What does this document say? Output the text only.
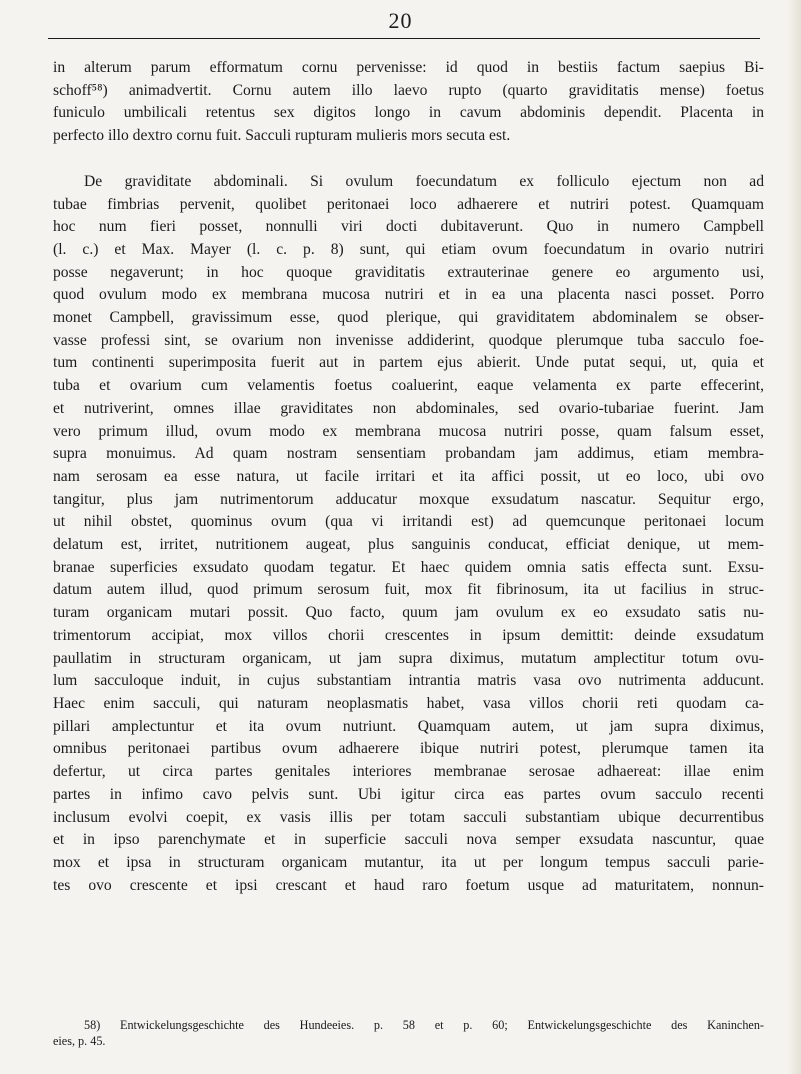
20
in alterum parum efformatum cornu pervenisse: id quod in bestiis factum saepius Bi-
schoff⁵⁸) animadvertit. Cornu autem illo laevo rupto (quarto graviditatis mense) foetus
funiculo umbilicali retentus sex digitos longo in cavum abdominis dependit. Placenta in
perfecto illo dextro cornu fuit. Sacculi rupturam mulieris mors secuta est.
De graviditate abdominali. Si ovulum foecundatum ex folliculo ejectum non ad
tubae fimbrias pervenit, quolibet peritonaei loco adhaerere et nutriri potest. Quamquam
hoc num fieri posset, nonnulli viri docti dubitaverunt. Quo in numero Campbell
(l. c.) et Max. Mayer (l. c. p. 8) sunt, qui etiam ovum foecundatum in ovario nutriri
posse negaverunt; in hoc quoque graviditatis extrauterinae genere eo argumento usi,
quod ovulum modo ex membrana mucosa nutriri et in ea una placenta nasci posset. Porro
monet Campbell, gravissimum esse, quod plerique, qui graviditatem abdominalem se obser-
vasse professi sint, se ovarium non invenisse addiderint, quodque plerumque tuba sacculo foe-
tum continenti superimposita fuerit aut in partem ejus abierit. Unde putat sequi, ut, quia et
tuba et ovarium cum velamentis foetus coaluerint, eaque velamenta ex parte effecerint,
et nutriverint, omnes illae graviditates non abdominales, sed ovario-tubariae fuerint. Jam
vero primum illud, ovum modo ex membrana mucosa nutriri posse, quam falsum esset,
supra monuimus. Ad quam nostram sensentiam probandam jam addimus, etiam membra-
nam serosam ea esse natura, ut facile irritari et ita affici possit, ut eo loco, ubi ovo
tangitur, plus jam nutrimentorum adducatur moxque exsudatum nascatur. Sequitur ergo,
ut nihil obstet, quominus ovum (qua vi irritandi est) ad quemcunque peritonaei locum
delatum est, irritet, nutritionem augeat, plus sanguinis conducat, efficiat denique, ut mem-
branae superficies exsudato quodam tegatur. Et haec quidem omnia satis effecta sunt. Exsu-
datum autem illud, quod primum serosum fuit, mox fit fibrinosum, ita ut facilius in struc-
turam organicam mutari possit. Quo facto, quum jam ovulum ex eo exsudato satis nu-
trimentorum accipiat, mox villos chorii crescentes in ipsum demittit: deinde exsudatum
paullatim in structuram organicam, ut jam supra diximus, mutatum amplectitur totum ovu-
lum sacculoque induit, in cujus substantiam intrantia matris vasa ovo nutrimenta adducunt.
Haec enim sacculi, qui naturam neoplasmatis habet, vasa villos chorii reti quodam ca-
pillari amplectuntur et ita ovum nutriunt. Quamquam autem, ut jam supra diximus,
omnibus peritonaei partibus ovum adhaerere ibique nutriri potest, plerumque tamen ita
defertur, ut circa partes genitales interiores membranae serosae adhaereat: illae enim
partes in infimo cavo pelvis sunt. Ubi igitur circa eas partes ovum sacculo recenti
inclusum evolvi coepit, ex vasis illis per totam sacculi substantiam ubique decurrentibus
et in ipso parenchymate et in superficie sacculi nova semper exsudata nascuntur, quae
mox et ipsa in structuram organicam mutantur, ita ut per longum tempus sacculi parie-
tes ovo crescente et ipsi crescant et haud raro foetum usque ad maturitatem, nonnun-
58) Entwickelungsgeschichte des Hundeeies. p. 58 et p. 60; Entwickelungsgeschichte des Kaninchen-
eies, p. 45.
